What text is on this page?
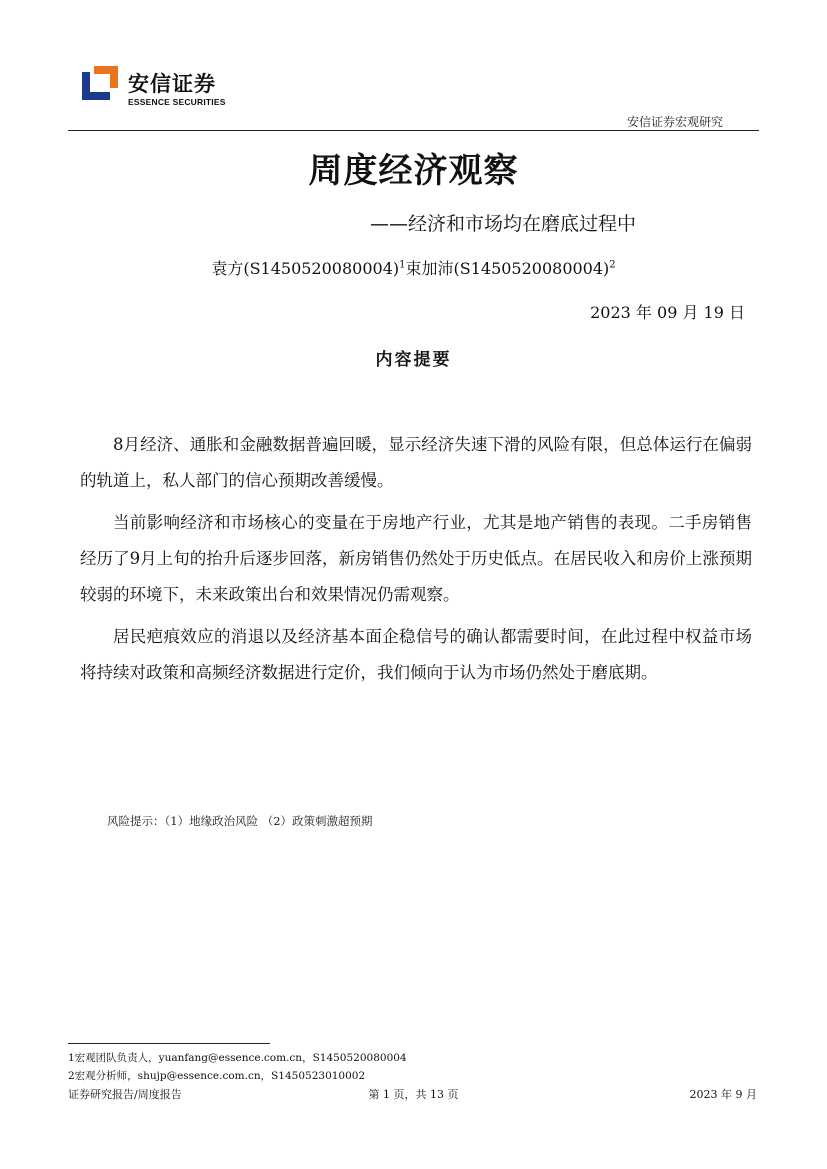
安信证券
ESSENCE SECURITIES
安信证券宏观研究
周度经济观察
——经济和市场均在磨底过程中
袁方$(S1450520080004)^1$束加沛$(S1450520080004)^2$
2023 年 09 月 19 日
内容提要

8月经济、通胀和金融数据普遍回暖，显示经济失速下滑的风险有限，但总体运行在偏弱的轨道上，私人部门的信心预期改善缓慢。

当前影响经济和市场核心的变量在于房地产行业，尤其是地产销售的表现。二手房销售经历了9月上旬的抬升后逐步回落，新房销售仍然处于历史低点。在居民收入和房价上涨预期较弱的环境下，未来政策出台和效果情况仍需观察。

居民疤痕效应的消退以及经济基本面企稳信号的确认都需要时间，在此过程中权益市场将持续对政策和高频经济数据进行定价，我们倾向于认为市场仍然处于磨底期。

风险提示：（1）地缘政治风险 （2）政策刺激超预期
1宏观团队负责人，yuanfang@essence.com.cn，S1450520080004
2宏观分析师，shujp@essence.com.cn，S1450523010002
证券研究报告/周度报告	第 1 页，共 13 页	2023 年 9 月
